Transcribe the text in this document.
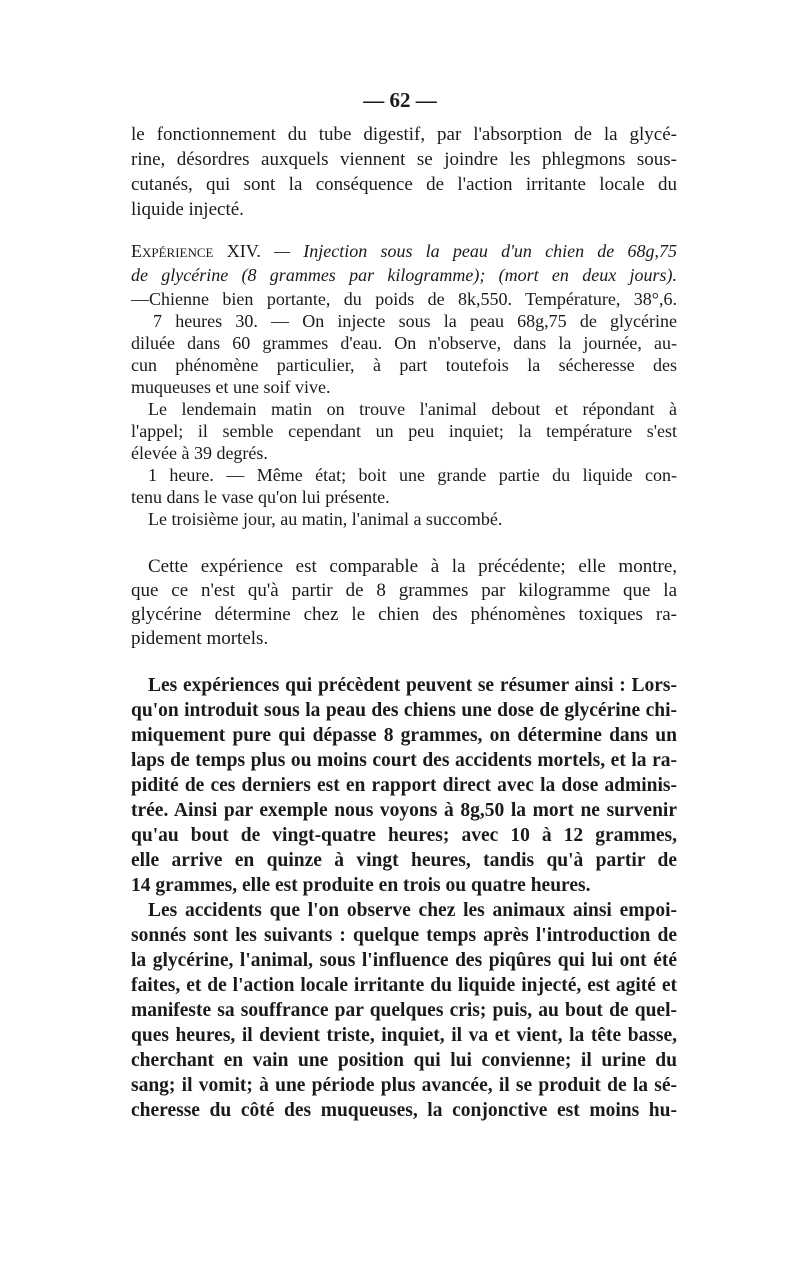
— 62 —
le fonctionnement du tube digestif, par l'absorption de la glycé-
rine, désordres auxquels viennent se joindre les phlegmons sous-
cutanés, qui sont la conséquence de l'action irritante locale du
liquide injecté.
Expérience XIV. — Injection sous la peau d'un chien de 68g,75
de glycérine (8 grammes par kilogramme); (mort en deux jours).
—Chienne bien portante, du poids de 8k,550. Température, 38°,6.
7 heures 30. — On injecte sous la peau 68g,75 de glycérine
diluée dans 60 grammes d'eau. On n'observe, dans la journée, au-
cun phénomène particulier, à part toutefois la sécheresse des
muqueuses et une soif vive.
Le lendemain matin on trouve l'animal debout et répondant à
l'appel; il semble cependant un peu inquiet; la température s'est
élevée à 39 degrés.
1 heure. — Même état; boit une grande partie du liquide con-
tenu dans le vase qu'on lui présente.
Le troisième jour, au matin, l'animal a succombé.
Cette expérience est comparable à la précédente; elle montre,
que ce n'est qu'à partir de 8 grammes par kilogramme que la
glycérine détermine chez le chien des phénomènes toxiques ra-
pidement mortels.
Les expériences qui précèdent peuvent se résumer ainsi : Lors-
qu'on introduit sous la peau des chiens une dose de glycérine chi-
miquement pure qui dépasse 8 grammes, on détermine dans un
laps de temps plus ou moins court des accidents mortels, et la ra-
pidité de ces derniers est en rapport direct avec la dose adminis-
trée. Ainsi par exemple nous voyons à 8g,50 la mort ne survenir
qu'au bout de vingt-quatre heures; avec 10 à 12 grammes,
elle arrive en quinze à vingt heures, tandis qu'à partir de
14 grammes, elle est produite en trois ou quatre heures.
Les accidents que l'on observe chez les animaux ainsi empoi-
sonnés sont les suivants : quelque temps après l'introduction de
la glycérine, l'animal, sous l'influence des piqûres qui lui ont été
faites, et de l'action locale irritante du liquide injecté, est agité et
manifeste sa souffrance par quelques cris; puis, au bout de quel-
ques heures, il devient triste, inquiet, il va et vient, la tête basse,
cherchant en vain une position qui lui convienne; il urine du
sang; il vomit; à une période plus avancée, il se produit de la sé-
cheresse du côté des muqueuses, la conjonctive est moins hu-
